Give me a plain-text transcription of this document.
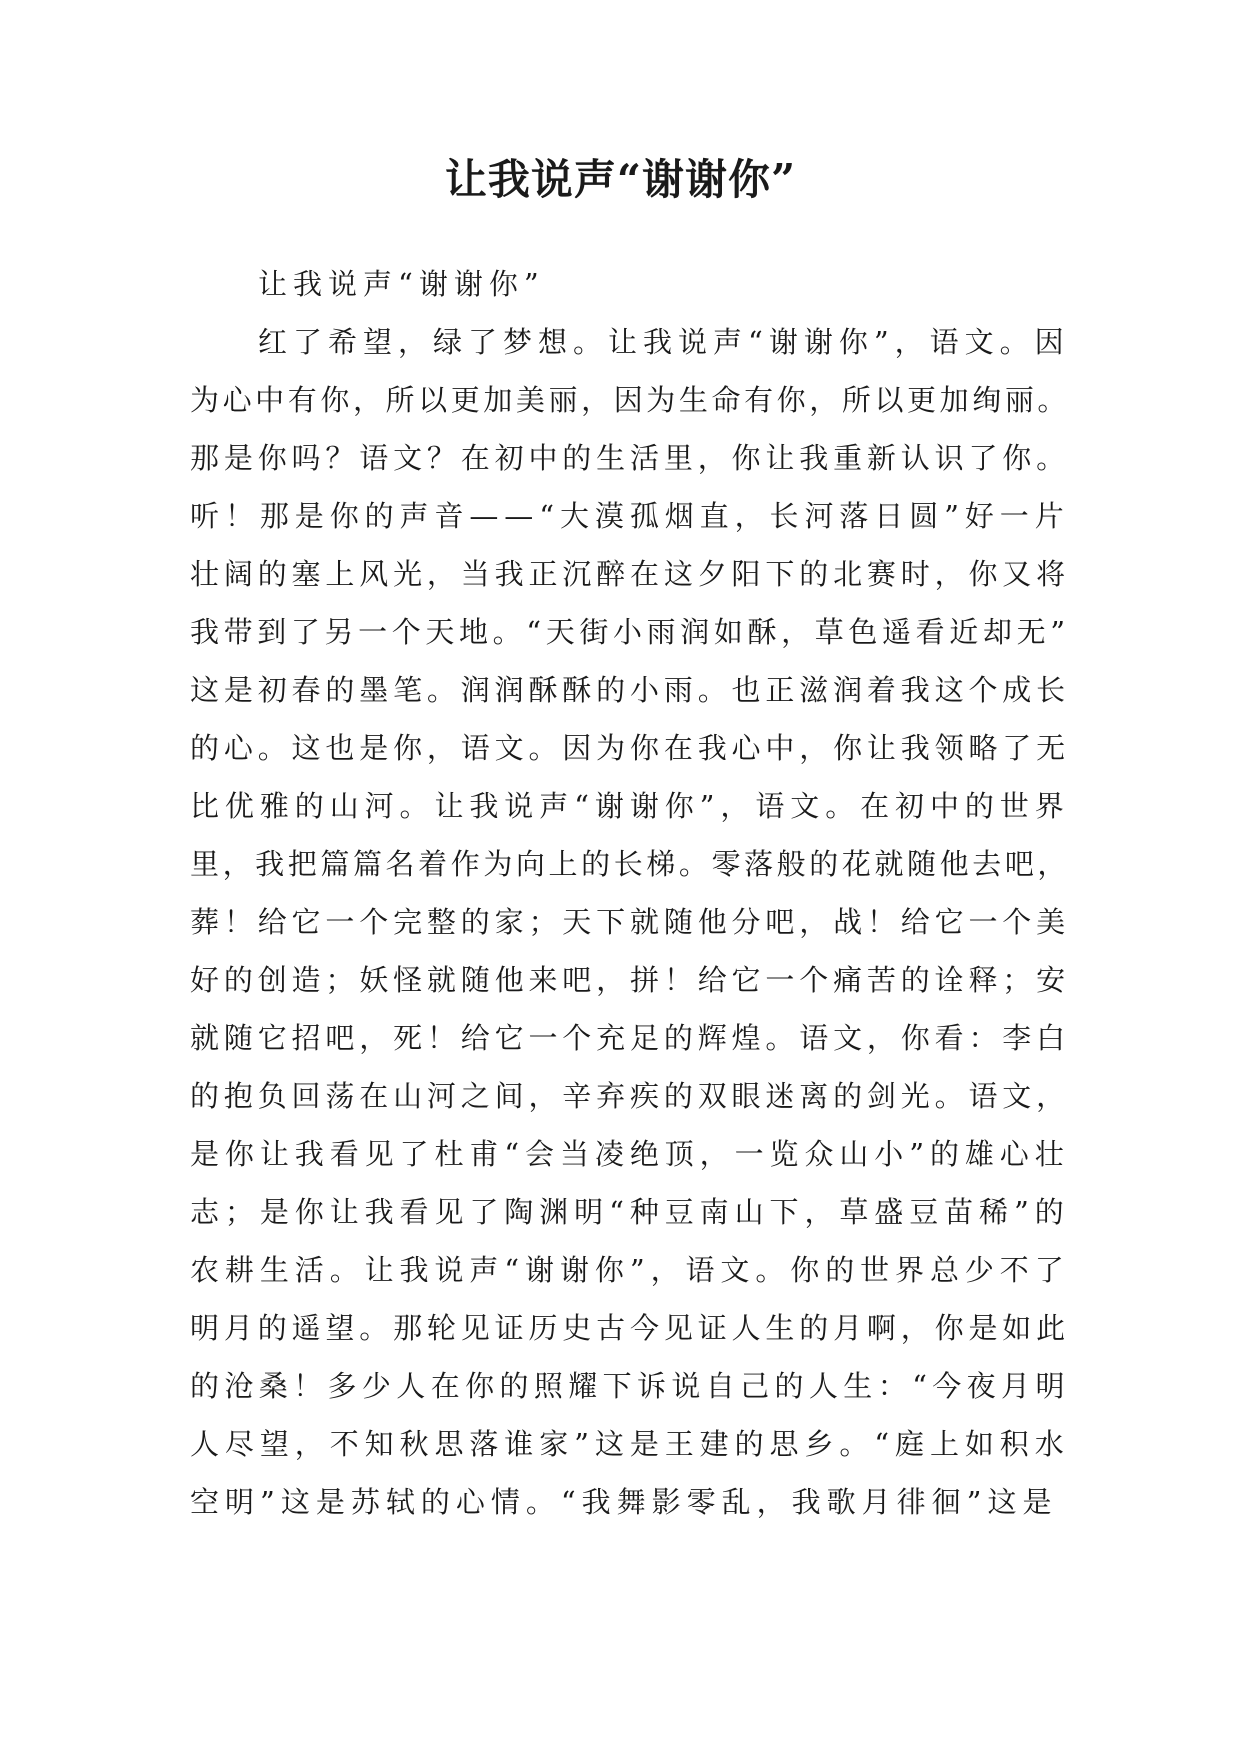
让我说声“谢谢你”
让我说声“谢谢你”
红了希望，绿了梦想。让我说声“谢谢你”，语文。因
为心中有你，所以更加美丽，因为生命有你，所以更加绚丽。
那是你吗？语文？在初中的生活里，你让我重新认识了你。
听！那是你的声音——“大漠孤烟直，长河落日圆”好一片
壮阔的塞上风光，当我正沉醉在这夕阳下的北赛时，你又将
我带到了另一个天地。“天街小雨润如酥，草色遥看近却无”
这是初春的墨笔。润润酥酥的小雨。也正滋润着我这个成长
的心。这也是你，语文。因为你在我心中，你让我领略了无
比优雅的山河。让我说声“谢谢你”，语文。在初中的世界
里，我把篇篇名着作为向上的长梯。零落般的花就随他去吧，
葬！给它一个完整的家；天下就随他分吧，战！给它一个美
好的创造；妖怪就随他来吧，拼！给它一个痛苦的诠释；安
就随它招吧，死！给它一个充足的辉煌。语文，你看：李白
的抱负回荡在山河之间，辛弃疾的双眼迷离的剑光。语文，
是你让我看见了杜甫“会当凌绝顶，一览众山小”的雄心壮
志；是你让我看见了陶渊明“种豆南山下，草盛豆苗稀”的
农耕生活。让我说声“谢谢你”，语文。你的世界总少不了
明月的遥望。那轮见证历史古今见证人生的月啊，你是如此
的沧桑！多少人在你的照耀下诉说自己的人生：“今夜月明
人尽望，不知秋思落谁家”这是王建的思乡。“庭上如积水
空明”这是苏轼的心情。“我舞影零乱，我歌月徘徊”这是
